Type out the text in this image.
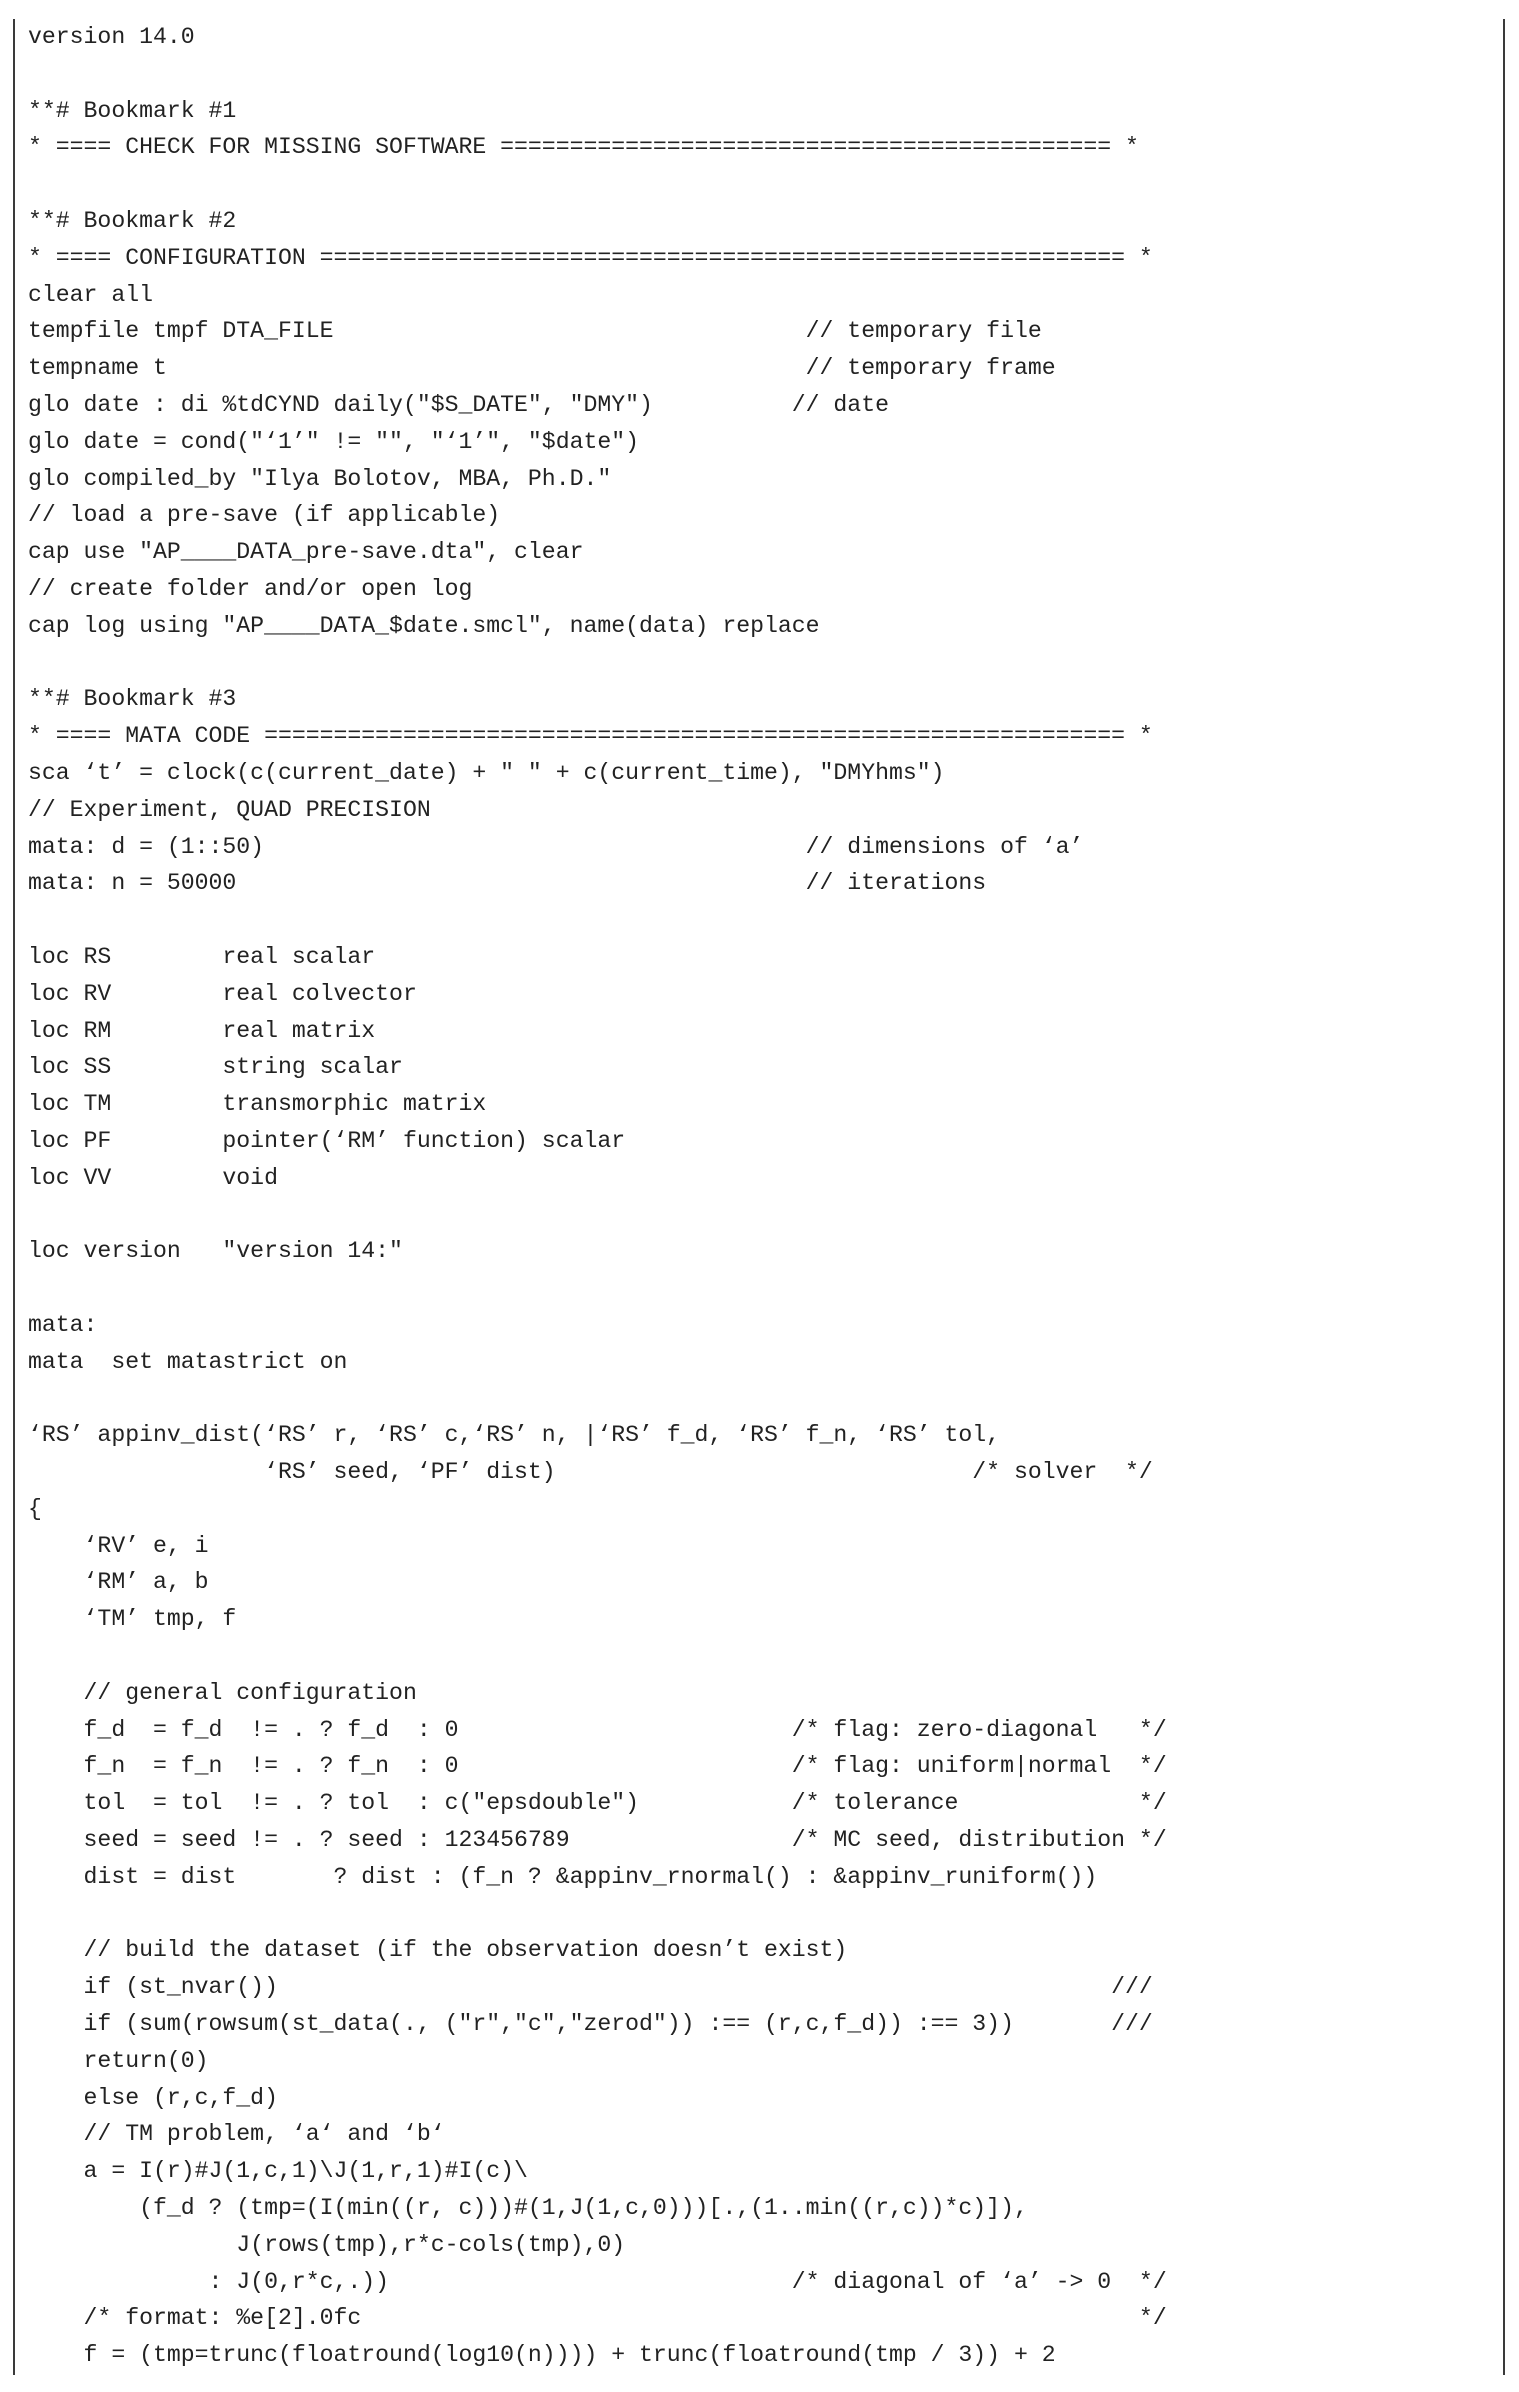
version 14.0
**# Bookmark #1
* ==== CHECK FOR MISSING SOFTWARE ============================================ *
**# Bookmark #2
* ==== CONFIGURATION ========================================================== *
clear all
tempfile tmpf DTA_FILE                                  // temporary file
tempname t                                              // temporary frame
glo date : di %tdCYND daily("$S_DATE", "DMY")          // date
glo date = cond("‘1’" != "", "‘1’", "$date")
glo compiled_by "Ilya Bolotov, MBA, Ph.D."
// load a pre-save (if applicable)
cap use "AP____DATA_pre-save.dta", clear
// create folder and/or open log
cap log using "AP____DATA_$date.smcl", name(data) replace
**# Bookmark #3
* ==== MATA CODE ============================================================== *
sca ‘t’ = clock(c(current_date) + " " + c(current_time), "DMYhms")
// Experiment, QUAD PRECISION
mata: d = (1::50)                                       // dimensions of ‘a’
mata: n = 50000                                         // iterations
loc RS        real scalar
loc RV        real colvector
loc RM        real matrix
loc SS        string scalar
loc TM        transmorphic matrix
loc PF        pointer(‘RM’ function) scalar
loc VV        void
loc version   "version 14:"
mata:
mata  set matastrict on
‘RS’ appinv_dist(‘RS’ r, ‘RS’ c,‘RS’ n, |‘RS’ f_d, ‘RS’ f_n, ‘RS’ tol,
‘RS’ seed, ‘PF’ dist)                              /* solver  */
{
‘RV’ e, i
‘RM’ a, b
‘TM’ tmp, f
// general configuration
f_d  = f_d  != . ? f_d  : 0                        /* flag: zero-diagonal   */
f_n  = f_n  != . ? f_n  : 0                        /* flag: uniform|normal  */
tol  = tol  != . ? tol  : c("epsdouble")           /* tolerance             */
seed = seed != . ? seed : 123456789                /* MC seed, distribution */
dist = dist       ? dist : (f_n ? &appinv_rnormal() : &appinv_runiform())
// build the dataset (if the observation doesn’t exist)
if (st_nvar())                                                            ///
if (sum(rowsum(st_data(., ("r","c","zerod")) :== (r,c,f_d)) :== 3))       ///
return(0)
else (r,c,f_d)
// TM problem, ‘a‘ and ‘b‘
a = I(r)#J(1,c,1)\J(1,r,1)#I(c)\
(f_d ? (tmp=(I(min((r, c)))#(1,J(1,c,0)))[.,(1..min((r,c))*c)]),
J(rows(tmp),r*c-cols(tmp),0)
: J(0,r*c,.))                             /* diagonal of ‘a’ -> 0  */
/* format: %e[2].0fc                                                        */
f = (tmp=trunc(floatround(log10(n)))) + trunc(floatround(tmp / 3)) + 2
